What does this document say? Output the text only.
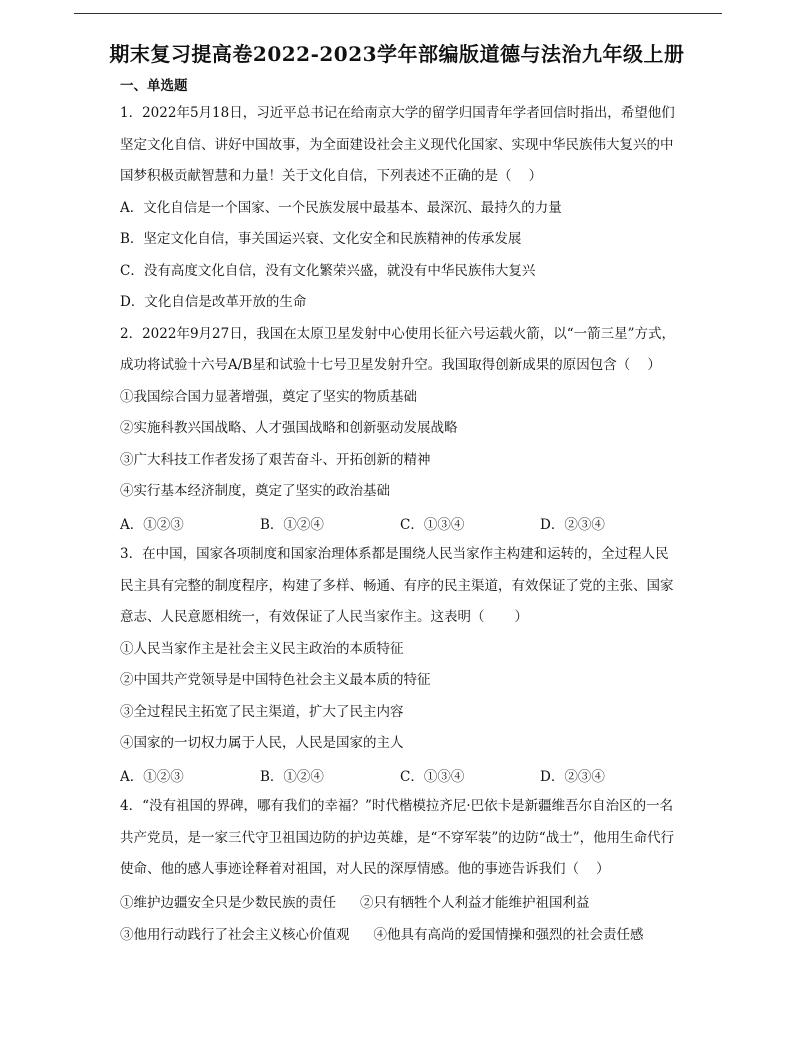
期末复习提高卷2022-2023学年部编版道德与法治九年级上册
一、单选题

1．2022年5月18日，习近平总书记在给南京大学的留学归国青年学者回信时指出，希望他们坚定文化自信、讲好中国故事，为全面建设社会主义现代化国家、实现中华民族伟大复兴的中国梦积极贡献智慧和力量！关于文化自信，下列表述不正确的是（    ）

A．文化自信是一个国家、一个民族发展中最基本、最深沉、最持久的力量

B．坚定文化自信，事关国运兴衰、文化安全和民族精神的传承发展

C．没有高度文化自信，没有文化繁荣兴盛，就没有中华民族伟大复兴

D．文化自信是改革开放的生命

2．2022年9月27日，我国在太原卫星发射中心使用长征六号运载火箭，以“一箭三星”方式，成功将试验十六号A/B星和试验十七号卫星发射升空。我国取得创新成果的原因包含（    ）

①我国综合国力显著增强，奠定了坚实的物质基础

②实施科教兴国战略、人才强国战略和创新驱动发展战略

③广大科技工作者发扬了艰苦奋斗、开拓创新的精神

④实行基本经济制度，奠定了坚实的政治基础

A．①②③	B．①②④	C．①③④	D．②③④

3．在中国，国家各项制度和国家治理体系都是围绕人民当家作主构建和运转的，全过程人民民主具有完整的制度程序，构建了多样、畅通、有序的民主渠道，有效保证了党的主张、国家意志、人民意愿相统一，有效保证了人民当家作主。这表明（       ）

①人民当家作主是社会主义民主政治的本质特征

②中国共产党领导是中国特色社会主义最本质的特征

③全过程民主拓宽了民主渠道，扩大了民主内容

④国家的一切权力属于人民，人民是国家的主人

A．①②③	B．①②④	C．①③④	D．②③④

4．“没有祖国的界碑，哪有我们的幸福？”时代楷模拉齐尼·巴依卡是新疆维吾尔自治区的一名共产党员，是一家三代守卫祖国边防的护边英雄，是“不穿军装”的边防“战士”，他用生命代行使命、他的感人事迹诠释着对祖国，对人民的深厚情感。他的事迹告诉我们（    ）

①维护边疆安全只是少数民族的责任 ②只有牺牲个人利益才能维护祖国利益
③他用行动践行了社会主义核心价值观 ④他具有高尚的爱国情操和强烈的社会责任感
